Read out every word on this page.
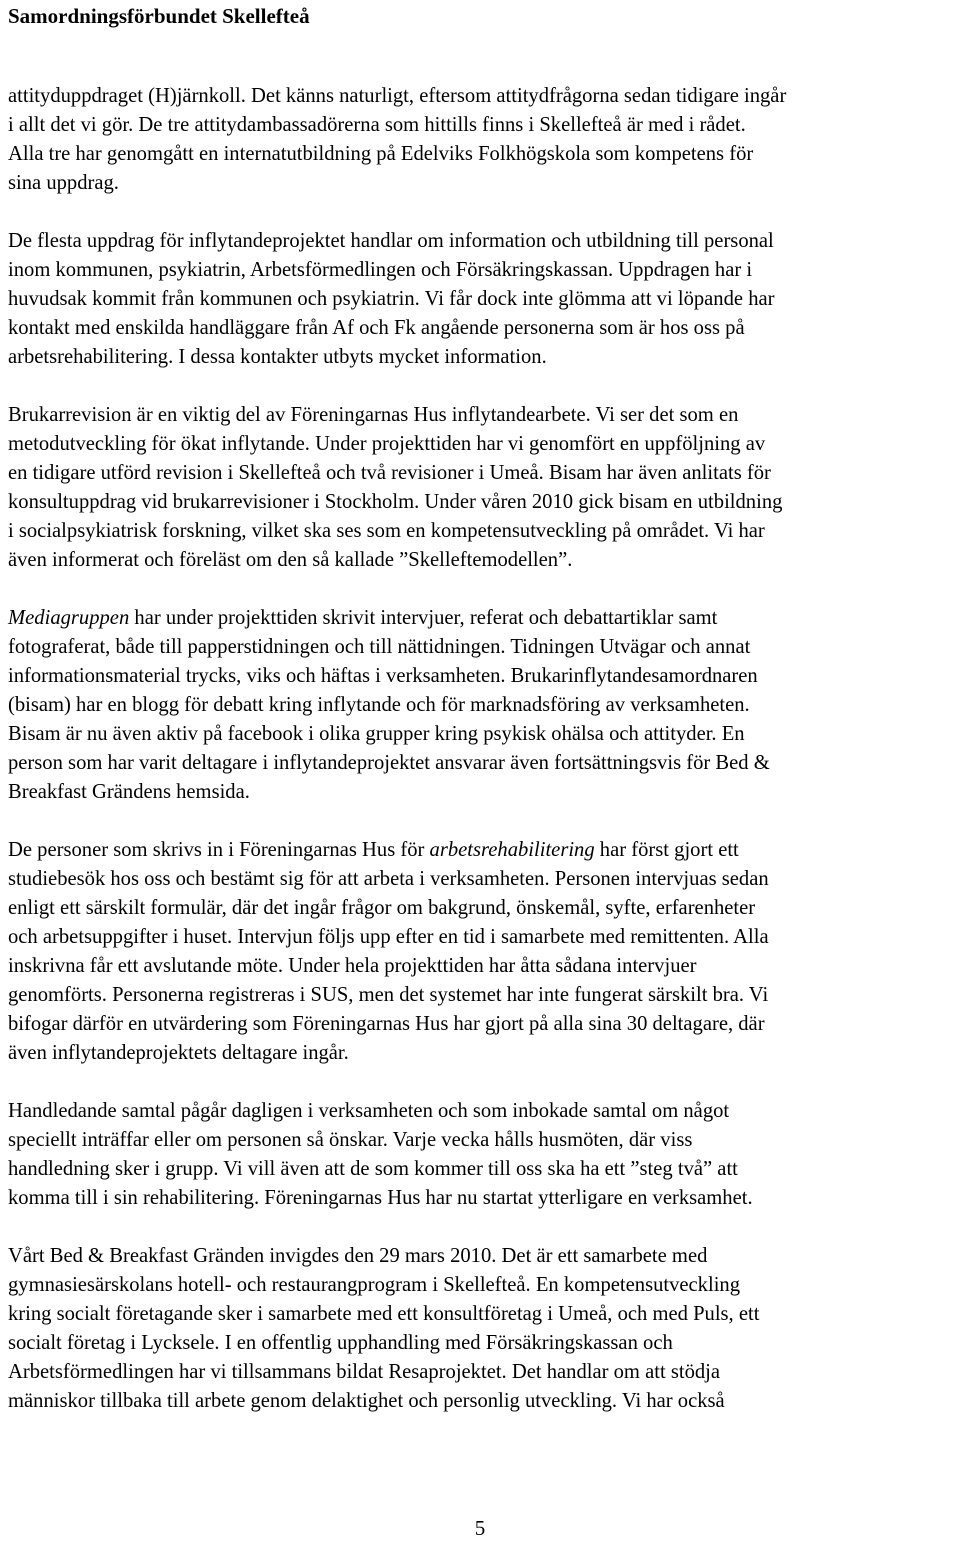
Samordningsförbundet Skellefteå
attityduppdraget (H)järnkoll. Det känns naturligt, eftersom attitydfrågorna sedan tidigare ingår
i allt det vi gör. De tre attitydambassadörerna som hittills finns i Skellefteå är med i rådet.
Alla tre har genomgått en internatutbildning på Edelviks Folkhögskola som kompetens för
sina uppdrag.
De flesta uppdrag för inflytandeprojektet handlar om information och utbildning till personal
inom kommunen, psykiatrin, Arbetsförmedlingen och Försäkringskassan. Uppdragen har i
huvudsak kommit från kommunen och psykiatrin. Vi får dock inte glömma att vi löpande har
kontakt med enskilda handläggare från Af och Fk angående personerna som är hos oss på
arbetsrehabilitering. I dessa kontakter utbyts mycket information.
Brukarrevision är en viktig del av Föreningarnas Hus inflytandearbete. Vi ser det som en
metodutveckling för ökat inflytande. Under projekttiden har vi genomfört en uppföljning av
en tidigare utförd revision i Skellefteå och två revisioner i Umeå. Bisam har även anlitats för
konsultuppdrag vid brukarrevisioner i Stockholm. Under våren 2010 gick bisam en utbildning
i socialpsykiatrisk forskning, vilket ska ses som en kompetensutveckling på området. Vi har
även informerat och föreläst om den så kallade ”Skelleftemodellen”.
Mediagruppen har under projekttiden skrivit intervjuer, referat och debattartiklar samt
fotograferat, både till papperstidningen och till nättidningen. Tidningen Utvägar och annat
informationsmaterial trycks, viks och häftas i verksamheten. Brukarinflytandesamordnaren
(bisam) har en blogg för debatt kring inflytande och för marknadsföring av verksamheten.
Bisam är nu även aktiv på facebook i olika grupper kring psykisk ohälsa och attityder. En
person som har varit deltagare i inflytandeprojektet ansvarar även fortsättningsvis för Bed &
Breakfast Grändens hemsida.
De personer som skrivs in i Föreningarnas Hus för arbetsrehabilitering har först gjort ett
studiebesök hos oss och bestämt sig för att arbeta i verksamheten. Personen intervjuas sedan
enligt ett särskilt formulär, där det ingår frågor om bakgrund, önskemål, syfte, erfarenheter
och arbetsuppgifter i huset. Intervjun följs upp efter en tid i samarbete med remittenten. Alla
inskrivna får ett avslutande möte. Under hela projekttiden har åtta sådana intervjuer
genomförts. Personerna registreras i SUS, men det systemet har inte fungerat särskilt bra. Vi
bifogar därför en utvärdering som Föreningarnas Hus har gjort på alla sina 30 deltagare, där
även inflytandeprojektets deltagare ingår.
Handledande samtal pågår dagligen i verksamheten och som inbokade samtal om något
speciellt inträffar eller om personen så önskar. Varje vecka hålls husmöten, där viss
handledning sker i grupp. Vi vill även att de som kommer till oss ska ha ett ”steg två” att
komma till i sin rehabilitering. Föreningarnas Hus har nu startat ytterligare en verksamhet.
Vårt Bed & Breakfast Gränden invigdes den 29 mars 2010. Det är ett samarbete med
gymnasiesärskolans hotell- och restaurangprogram i Skellefteå. En kompetensutveckling
kring socialt företagande sker i samarbete med ett konsultföretag i Umeå, och med Puls, ett
socialt företag i Lycksele. I en offentlig upphandling med Försäkringskassan och
Arbetsförmedlingen har vi tillsammans bildat Resaprojektet. Det handlar om att stödja
människor tillbaka till arbete genom delaktighet och personlig utveckling. Vi har också
5
